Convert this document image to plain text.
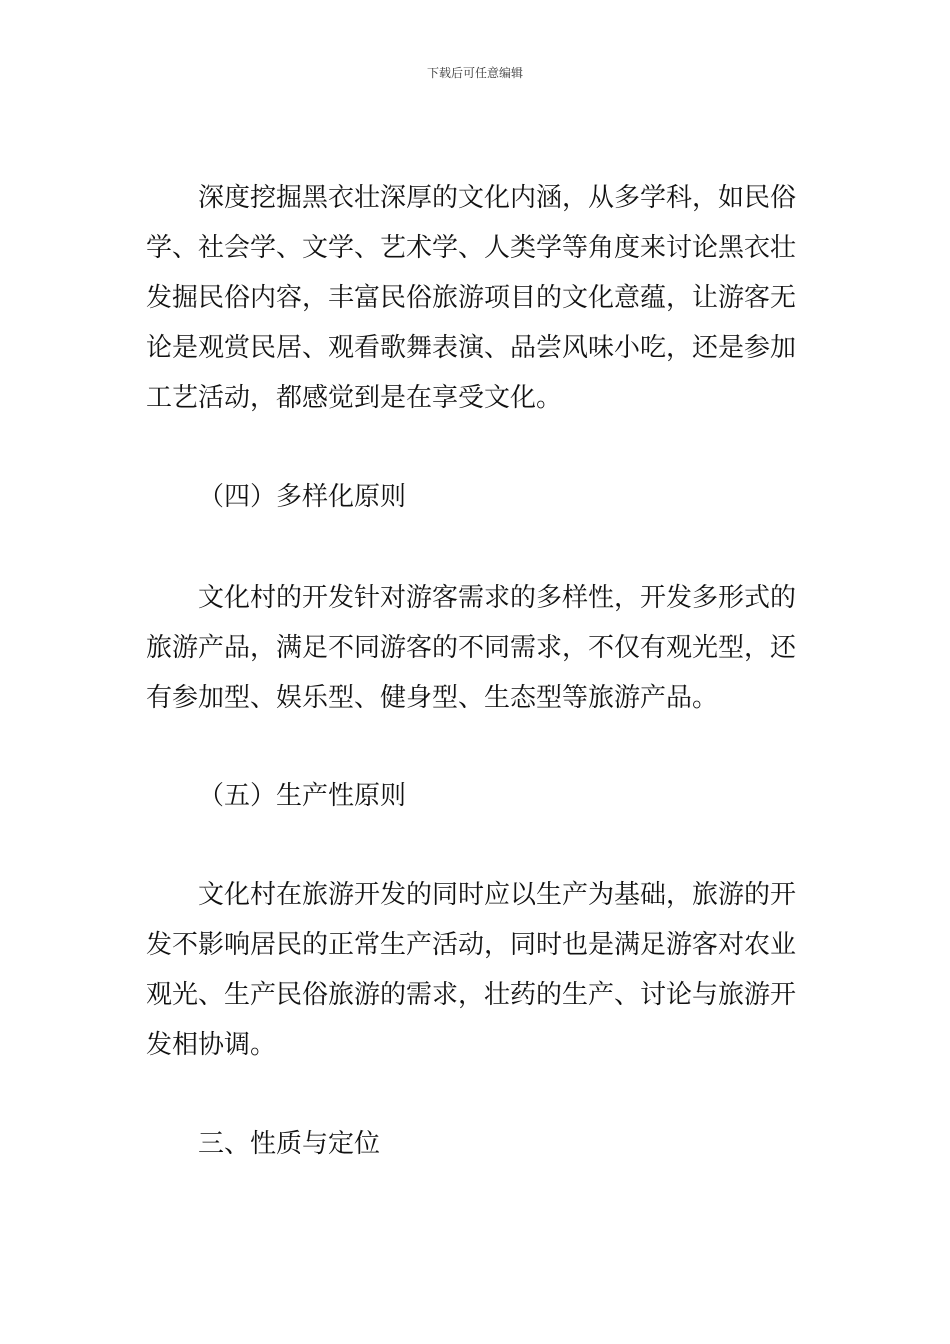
下载后可任意编辑
深度挖掘黑衣壮深厚的文化内涵，从多学科，如民俗
学、社会学、文学、艺术学、人类学等角度来讨论黑衣壮
发掘民俗内容，丰富民俗旅游项目的文化意蕴，让游客无
论是观赏民居、观看歌舞表演、品尝风味小吃，还是参加
工艺活动，都感觉到是在享受文化。
（四）多样化原则
文化村的开发针对游客需求的多样性，开发多形式的
旅游产品，满足不同游客的不同需求，不仅有观光型，还
有参加型、娱乐型、健身型、生态型等旅游产品。
（五）生产性原则
文化村在旅游开发的同时应以生产为基础，旅游的开
发不影响居民的正常生产活动，同时也是满足游客对农业
观光、生产民俗旅游的需求，壮药的生产、讨论与旅游开
发相协调。
三、性质与定位
